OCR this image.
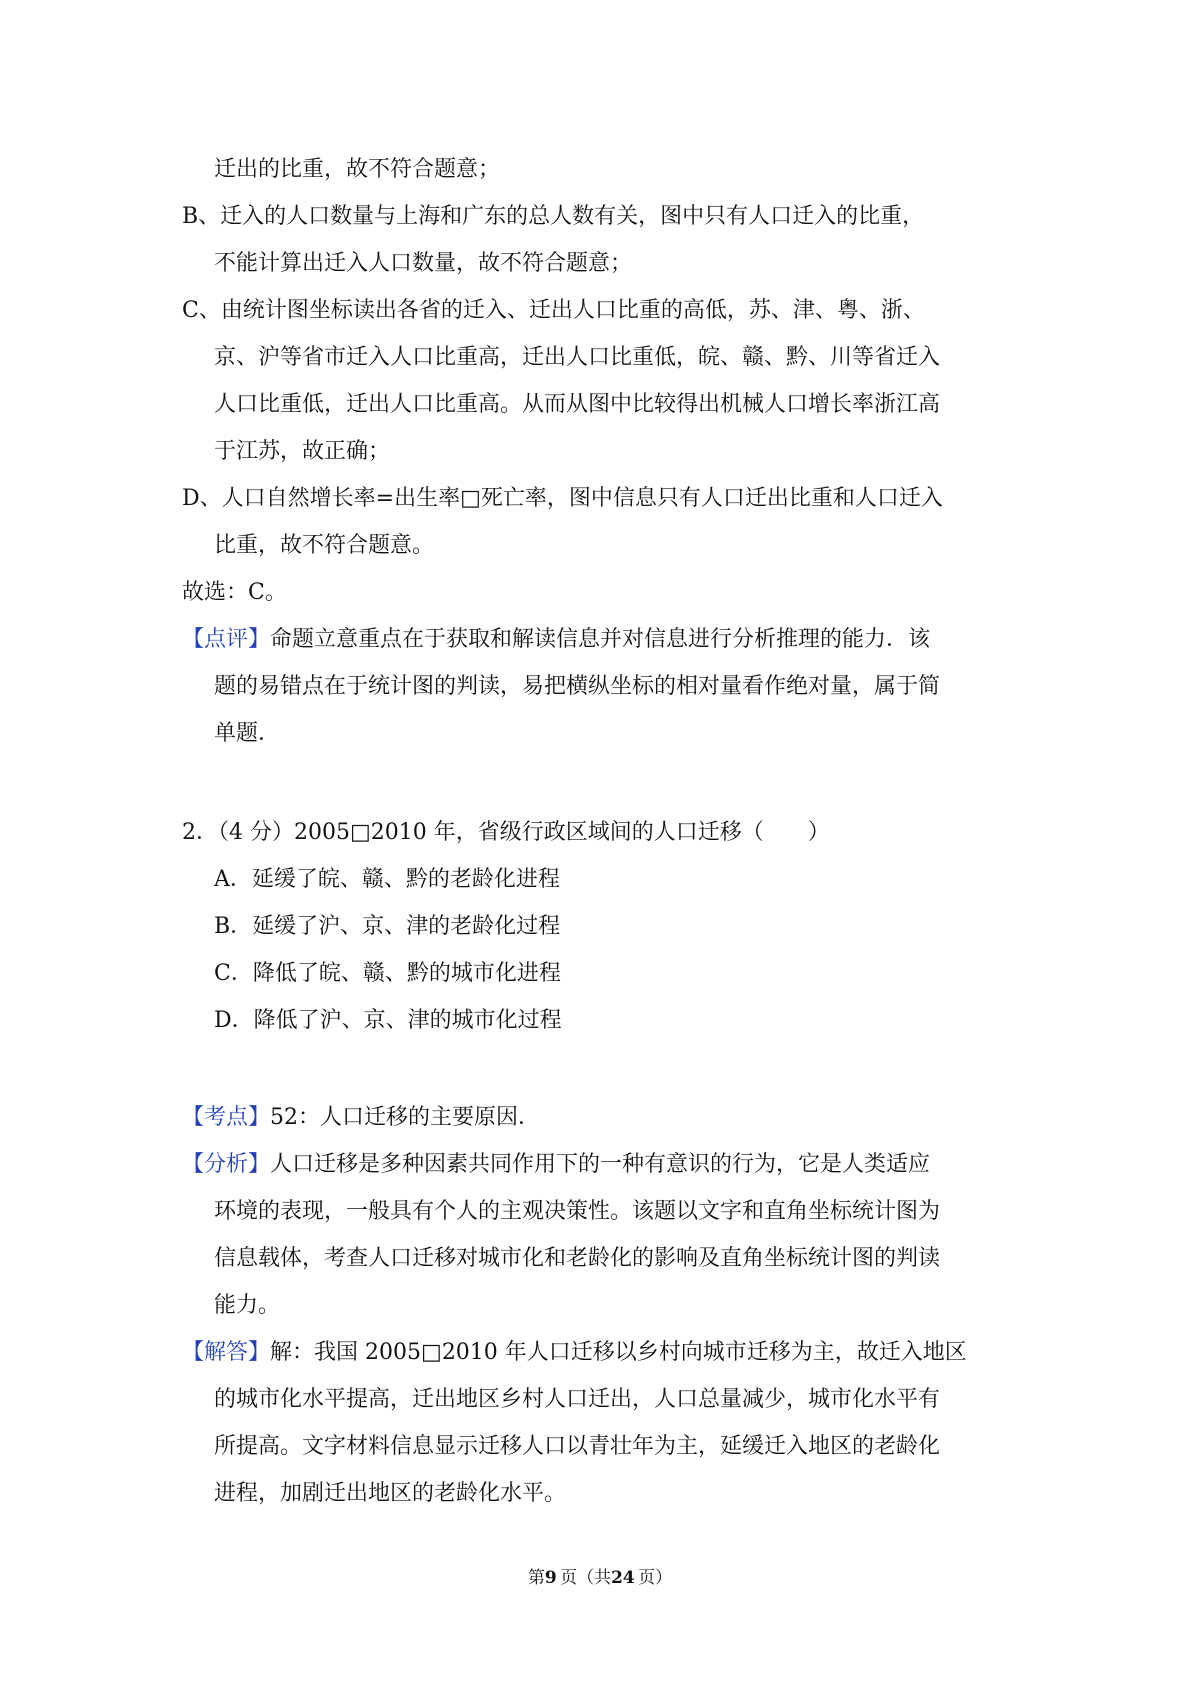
迁出的比重，故不符合题意；
B、迁入的人口数量与上海和广东的总人数有关，图中只有人口迁入的比重，
不能计算出迁入人口数量，故不符合题意；
C、由统计图坐标读出各省的迁入、迁出人口比重的高低，苏、津、粤、浙、
京、沪等省市迁入人口比重高，迁出人口比重低，皖、赣、黔、川等省迁入
人口比重低，迁出人口比重高。从而从图中比较得出机械人口增长率浙江高
于江苏，故正确；
D、人口自然增长率=出生率□死亡率，图中信息只有人口迁出比重和人口迁入
比重，故不符合题意。
故选：C。
【点评】命题立意重点在于获取和解读信息并对信息进行分析推理的能力．该
题的易错点在于统计图的判读，易把横纵坐标的相对量看作绝对量，属于简
单题．
2．（4 分）2005□2010 年，省级行政区域间的人口迁移（　　）
A．延缓了皖、赣、黔的老龄化进程
B．延缓了沪、京、津的老龄化过程
C．降低了皖、赣、黔的城市化进程
D．降低了沪、京、津的城市化过程
【考点】52：人口迁移的主要原因．
【分析】人口迁移是多种因素共同作用下的一种有意识的行为，它是人类适应
环境的表现，一般具有个人的主观决策性。该题以文字和直角坐标统计图为
信息载体，考查人口迁移对城市化和老龄化的影响及直角坐标统计图的判读
能力。
【解答】解：我国 2005□2010 年人口迁移以乡村向城市迁移为主，故迁入地区
的城市化水平提高，迁出地区乡村人口迁出，人口总量减少，城市化水平有
所提高。文字材料信息显示迁移人口以青壮年为主，延缓迁入地区的老龄化
进程，加剧迁出地区的老龄化水平。
第9  页（共24  页）
